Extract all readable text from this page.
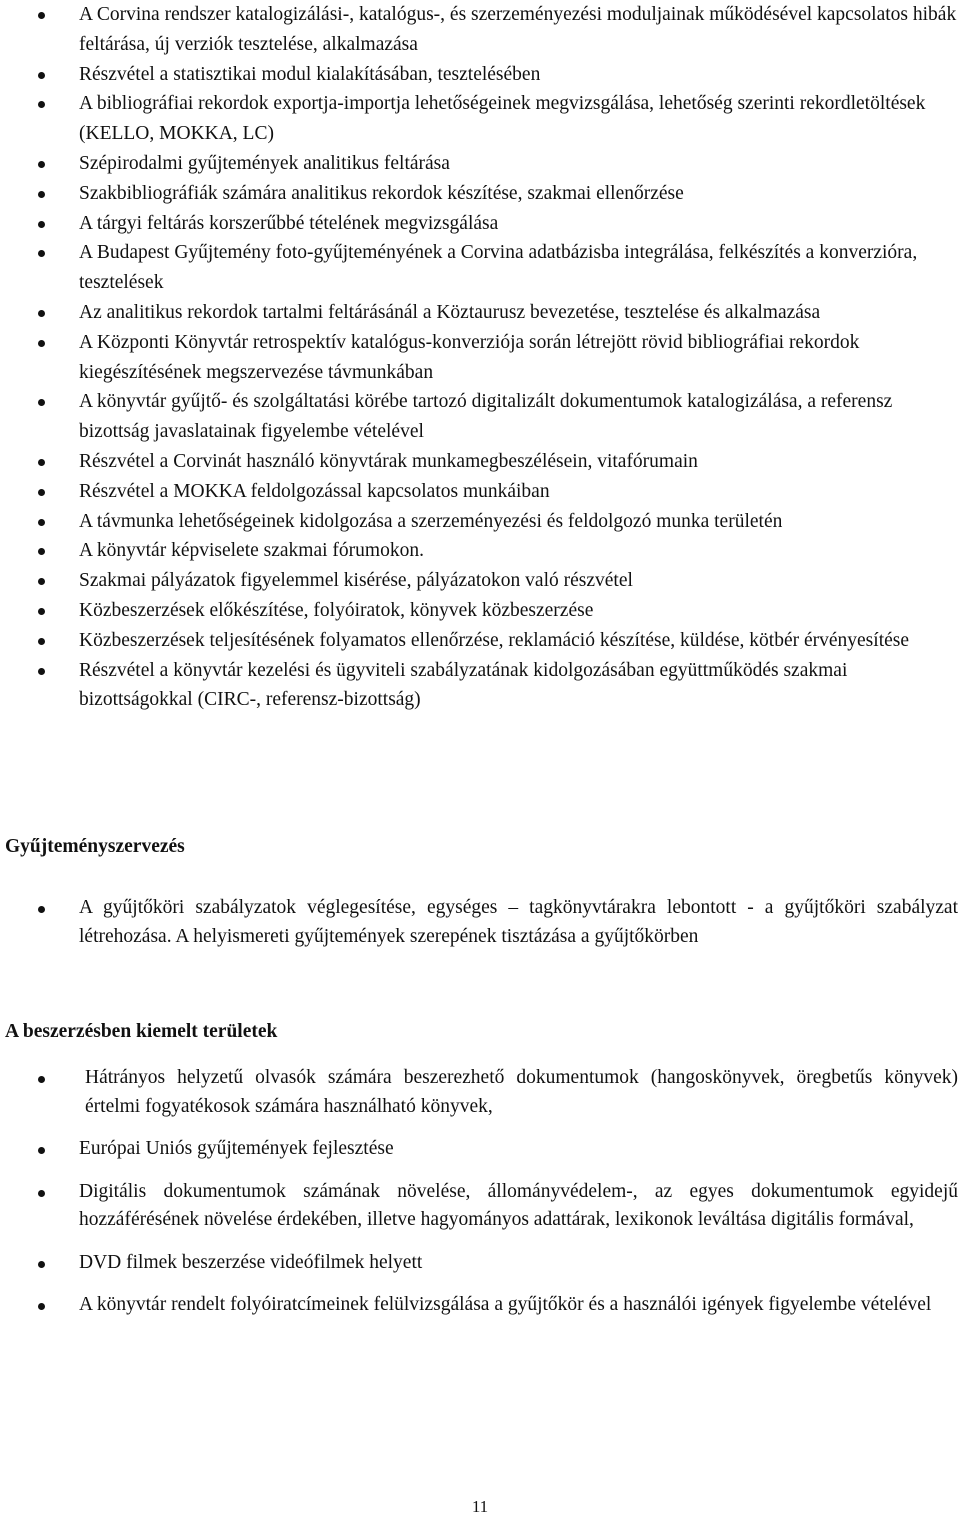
A Corvina rendszer katalogizálási-, katalógus-, és szerzeményezési moduljainak működésével kapcsolatos hibák feltárása, új verziók tesztelése, alkalmazása
Részvétel a statisztikai modul kialakításában, tesztelésében
A bibliográfiai rekordok exportja-importja lehetőségeinek megvizsgálása, lehetőség szerinti rekordletöltések (KELLO, MOKKA, LC)
Szépirodalmi gyűjtemények analitikus feltárása
Szakbibliográfiák számára analitikus rekordok készítése, szakmai ellenőrzése
A tárgyi feltárás korszerűbbé tételének megvizsgálása
A Budapest Gyűjtemény foto-gyűjteményének a Corvina adatbázisba integrálása, felkészítés a konverzióra, tesztelések
Az analitikus rekordok tartalmi feltárásánál a Köztaurusz bevezetése, tesztelése és alkalmazása
A Központi Könyvtár retrospektív katalógus-konverziója során létrejött rövid bibliográfiai rekordok kiegészítésének megszervezése távmunkában
A könyvtár gyűjtő- és szolgáltatási körébe tartozó digitalizált dokumentumok katalogizálása, a referensz bizottság javaslatainak figyelembe vételével
Részvétel a Corvinát használó könyvtárak munkamegbeszélésein, vitafórumain
Részvétel a MOKKA feldolgozással kapcsolatos munkáiban
A távmunka lehetőségeinek kidolgozása a szerzeményezési és feldolgozó munka területén
A könyvtár képviselete szakmai fórumokon.
Szakmai pályázatok figyelemmel kisérése, pályázatokon való részvétel
Közbeszerzések előkészítése, folyóiratok, könyvek közbeszerzése
Közbeszerzések teljesítésének folyamatos ellenőrzése, reklamáció készítése, küldése, kötbér érvényesítése
Részvétel a könyvtár kezelési és ügyviteli szabályzatának kidolgozásában együttműködés szakmai bizottságokkal (CIRC-, referensz-bizottság)
Gyűjteményszervezés
A gyűjtőköri szabályzatok véglegesítése, egységes – tagkönyvtárakra lebontott - a gyűjtőköri szabályzat létrehozása. A helyismereti gyűjtemények szerepének tisztázása a gyűjtőkörben
A beszerzésben kiemelt területek
Hátrányos helyzetű olvasók számára beszerezhető dokumentumok (hangoskönyvek, öregbetűs könyvek) értelmi fogyatékosok számára használható könyvek,
Európai Uniós gyűjtemények fejlesztése
Digitális dokumentumok számának növelése, állományvédelem-, az egyes dokumentumok egyidejű hozzáférésének növelése érdekében, illetve hagyományos adattárak, lexikonok leváltása digitális formával,
DVD filmek beszerzése videófilmek helyett
A könyvtár rendelt folyóiratcímeinek felülvizsgálása a gyűjtőkör és a használói igények figyelembe vételével
11
